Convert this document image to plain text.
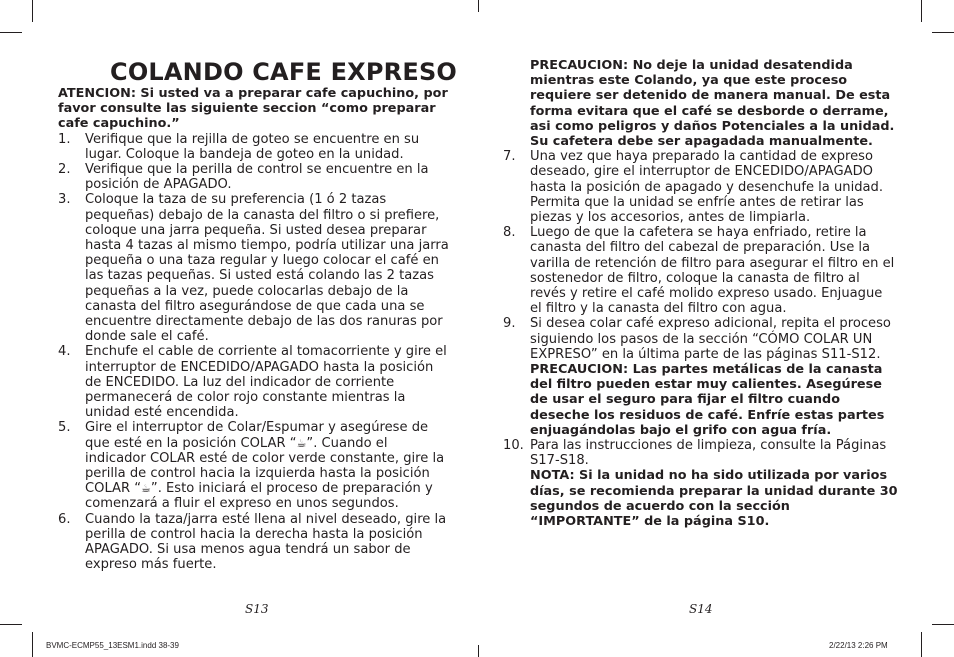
COLANDO CAFE EXPRESO
ATENCION: Si usted va a preparar cafe capuchino, por favor consulte las siguiente seccion “como preparar cafe capuchino.”
1. Verifique que la rejilla de goteo se encuentre en su lugar. Coloque la bandeja de goteo en la unidad.
2. Verifique que la perilla de control se encuentre en la posición de APAGADO.
3. Coloque la taza de su preferencia (1 ó 2 tazas pequeñas) debajo de la canasta del filtro o si prefiere, coloque una jarra pequeña. Si usted desea preparar hasta 4 tazas al mismo tiempo, podría utilizar una jarra pequeña o una taza regular y luego colocar el café en las tazas pequeñas. Si usted está colando las 2 tazas pequeñas a la vez, puede colocarlas debajo de la canasta del filtro asegurándose de que cada una se encuentre directamente debajo de las dos ranuras por donde sale el café.
4. Enchufe el cable de corriente al tomacorriente y gire el interruptor de ENCEDIDO/APAGADO hasta la posición de ENCEDIDO. La luz del indicador de corriente permanecerá de color rojo constante mientras la unidad esté encendida.
5. Gire el interruptor de Colar/Espumar y asegúrese de que esté en la posición COLAR “☕”. Cuando el indicador COLAR esté de color verde constante, gire la perilla de control hacia la izquierda hasta la posición COLAR “☕”. Esto iniciará el proceso de preparación y comenzará a fluir el expreso en unos segundos.
6. Cuando la taza/jarra esté llena al nivel deseado, gire la perilla de control hacia la derecha hasta la posición APAGADO. Si usa menos agua tendrá un sabor de expreso más fuerte.
PRECAUCION: No deje la unidad desatendida mientras este Colando, ya que este proceso requiere ser detenido de manera manual. De esta forma evitara que el café se desborde o derrame, asi como peligros y daños Potenciales a la unidad. Su cafetera debe ser apagadada manualmente.
7. Una vez que haya preparado la cantidad de expreso deseado, gire el interruptor de ENCEDIDO/APAGADO hasta la posición de apagado y desenchufe la unidad. Permita que la unidad se enfríe antes de retirar las piezas y los accesorios, antes de limpiarla.
8. Luego de que la cafetera se haya enfriado, retire la canasta del filtro del cabezal de preparación. Use la varilla de retención de filtro para asegurar el filtro en el sostenedor de filtro, coloque la canasta de filtro al revés y retire el café molido expreso usado. Enjuague el filtro y la canasta del filtro con agua.
9. Si desea colar café expreso adicional, repita el proceso siguiendo los pasos de la sección “CÓMO COLAR UN EXPRESO” en la última parte de las páginas S11-S12.
PRECAUCION: Las partes metálicas de la canasta del filtro pueden estar muy calientes. Asegúrese de usar el seguro para fijar el filtro cuando deseche los residuos de café. Enfríe estas partes enjuagándolas bajo el grifo con agua fría.
10. Para las instrucciones de limpieza, consulte la Páginas S17-S18.
NOTA: Si la unidad no ha sido utilizada por varios días, se recomienda preparar la unidad durante 30 segundos de acuerdo con la sección “IMPORTANTE” de la página S10.
S13	S14
BVMC-ECMP55_13ESM1.indd 38-39	2/22/13 2:26 PM
